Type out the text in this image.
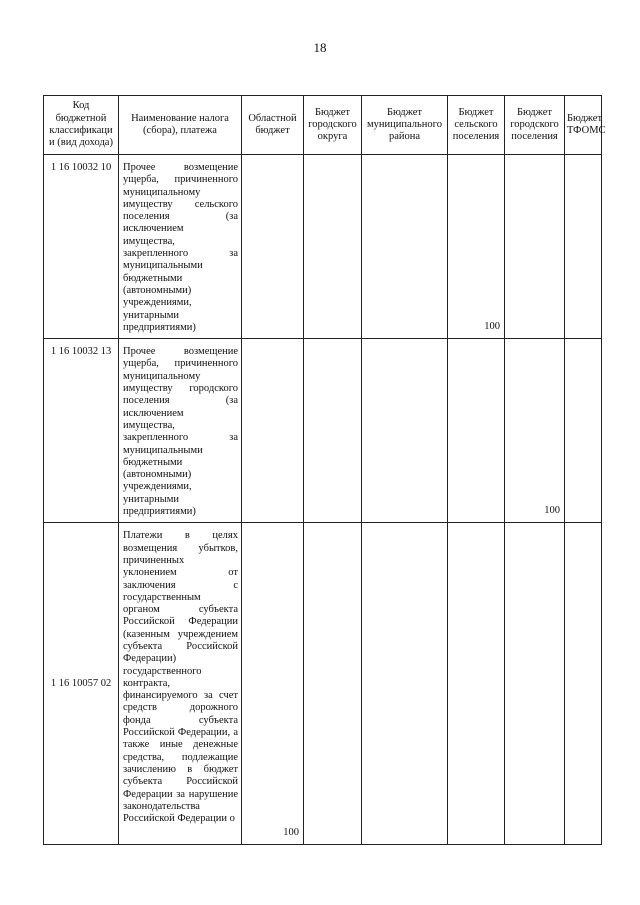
18
Код бюджетной классификаци и (вид дохода)	Наименование налога (сбора), платежа	Областной бюджет	Бюджет городского округа	Бюджет муниципального района	Бюджет сельского поселения	Бюджет городского поселения	Бюджет ТФОМС
1 16 10032 10	Прочее возмещение ущерба, причиненного муниципальному имуществу сельского поселения (за исключением имущества, закрепленного за муниципальными бюджетными (автономными) учреждениями, унитарными предприятиями)				100		
1 16 10032 13	Прочее возмещение ущерба, причиненного муниципальному имуществу городского поселения (за исключением имущества, закрепленного за муниципальными бюджетными (автономными) учреждениями, унитарными предприятиями)					100	
1 16 10057 02	Платежи в целях возмещения убытков, причиненных уклонением от заключения с государственным органом субъекта Российской Федерации (казенным учреждением субъекта Российской Федерации) государственного контракта, финансируемого за счет средств дорожного фонда субъекта Российской Федерации, а также иные денежные средства, подлежащие зачислению в бюджет субъекта Российской Федерации за нарушение законодательства Российской Федерации о	100					
